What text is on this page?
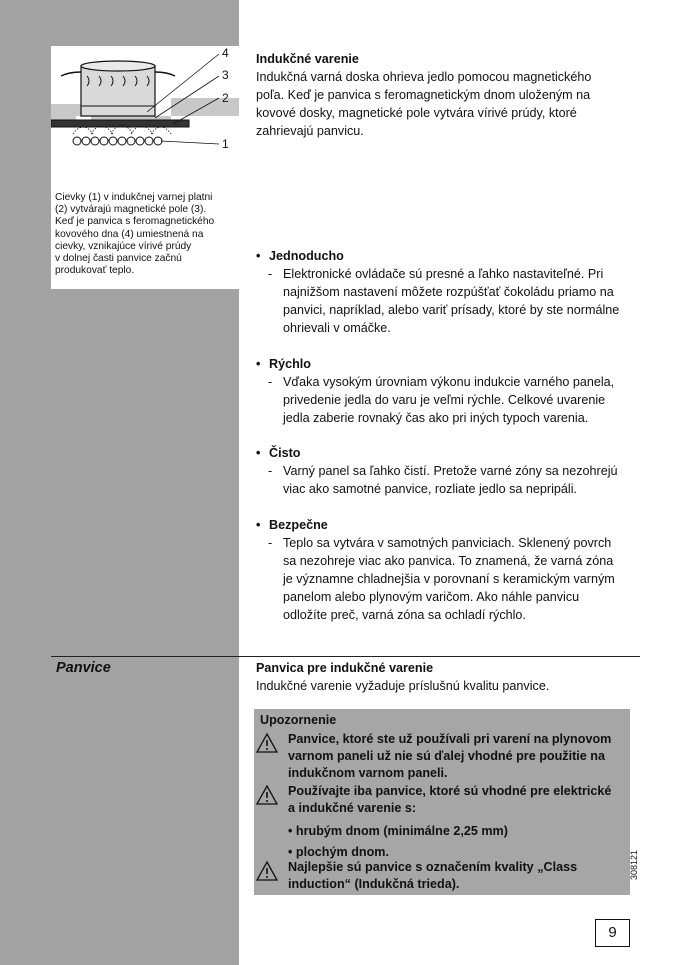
4
3
2
1
Cievky (1) v indukčnej varnej platni
(2) vytvárajú magnetické pole (3).
Keď je panvica s feromagnetického
kovového dna (4) umiestnená na
cievky, vznikajúce vírivé prúdy
v dolnej časti panvice začnú
produkovať teplo.
Indukčné varenie
Indukčná varná doska ohrieva jedlo pomocou magnetického
poľa. Keď je panvica s feromagnetickým dnom uloženým na
kovové dosky, magnetické pole vytvára vírivé prúdy, ktoré
zahrievajú panvicu.
• Jednoducho
- Elektronické ovládače sú presné a ľahko nastaviteľné. Pri
najnižšom nastavení môžete rozpúšťať čokoládu priamo na
panvici, napríklad, alebo variť prísady, ktoré by ste normálne
ohrievali v omáčke.
• Rýchlo
- Vďaka vysokým úrovniam výkonu indukcie varného panela,
privedenie jedla do varu je veľmi rýchle. Celkové uvarenie
jedla zaberie rovnaký čas ako pri iných typoch varenia.
• Čisto
- Varný panel sa ľahko čistí. Pretože varné zóny sa nezohrejú
viac ako samotné panvice, rozliate jedlo sa nepripáli.
• Bezpečne
- Teplo sa vytvára v samotných panviciach. Sklenený povrch
sa nezohreje viac ako panvica. To znamená, že varná zóna
je významne chladnejšia v porovnaní s keramickým varným
panelom alebo plynovým varičom. Ako náhle panvicu
odložíte preč, varná zóna sa ochladí rýchlo.
Panvice	Panvica pre indukčné varenie
Indukčné varenie vyžaduje príslušnú kvalitu panvice.
Upozornenie
Panvice, ktoré ste už používali pri varení na plynovom
varnom paneli už nie sú ďalej vhodné pre použitie na
indukčnom varnom paneli.
Používajte iba panvice, ktoré sú vhodné pre elektrické
a indukčné varenie s:
• hrubým dnom (minimálne 2,25 mm)
• plochým dnom.
Najlepšie sú panvice s označením kvality „Class
induction“ (Indukčná trieda).
308121
9
